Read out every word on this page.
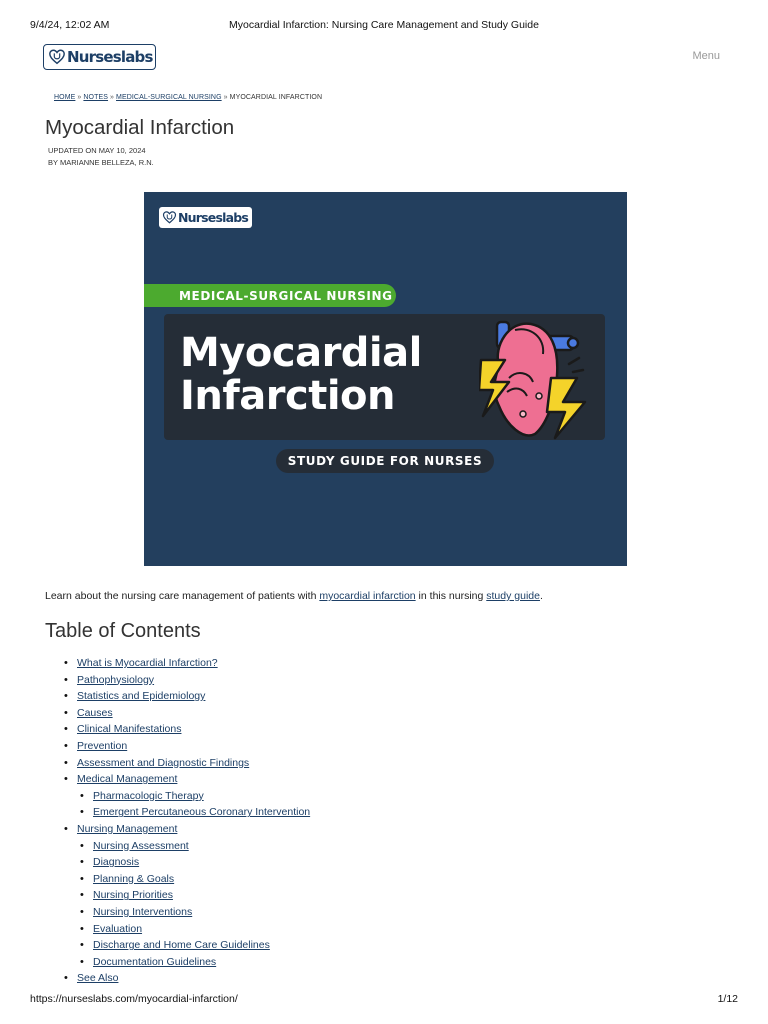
9/4/24, 12:02 AM	Myocardial Infarction: Nursing Care Management and Study Guide
Nurseslabs	Menu
HOME » NOTES » MEDICAL-SURGICAL NURSING » MYOCARDIAL INFARCTION
Myocardial Infarction
UPDATED ON MAY 10, 2024
BY MARIANNE BELLEZA, R.N.
Nurseslabs
MEDICAL-SURGICAL NURSING
Myocardial
Infarction
STUDY GUIDE FOR NURSES

Learn about the nursing care management of patients with myocardial infarction in this nursing study guide.

Table of Contents
• What is Myocardial Infarction?
• Pathophysiology
• Statistics and Epidemiology
• Causes
• Clinical Manifestations
• Prevention
• Assessment and Diagnostic Findings
• Medical Management
• Pharmacologic Therapy
• Emergent Percutaneous Coronary Intervention
• Nursing Management
• Nursing Assessment
• Diagnosis
• Planning & Goals
• Nursing Priorities
• Nursing Interventions
• Evaluation
• Discharge and Home Care Guidelines
• Documentation Guidelines
• See Also
https://nurseslabs.com/myocardial-infarction/	1/12
